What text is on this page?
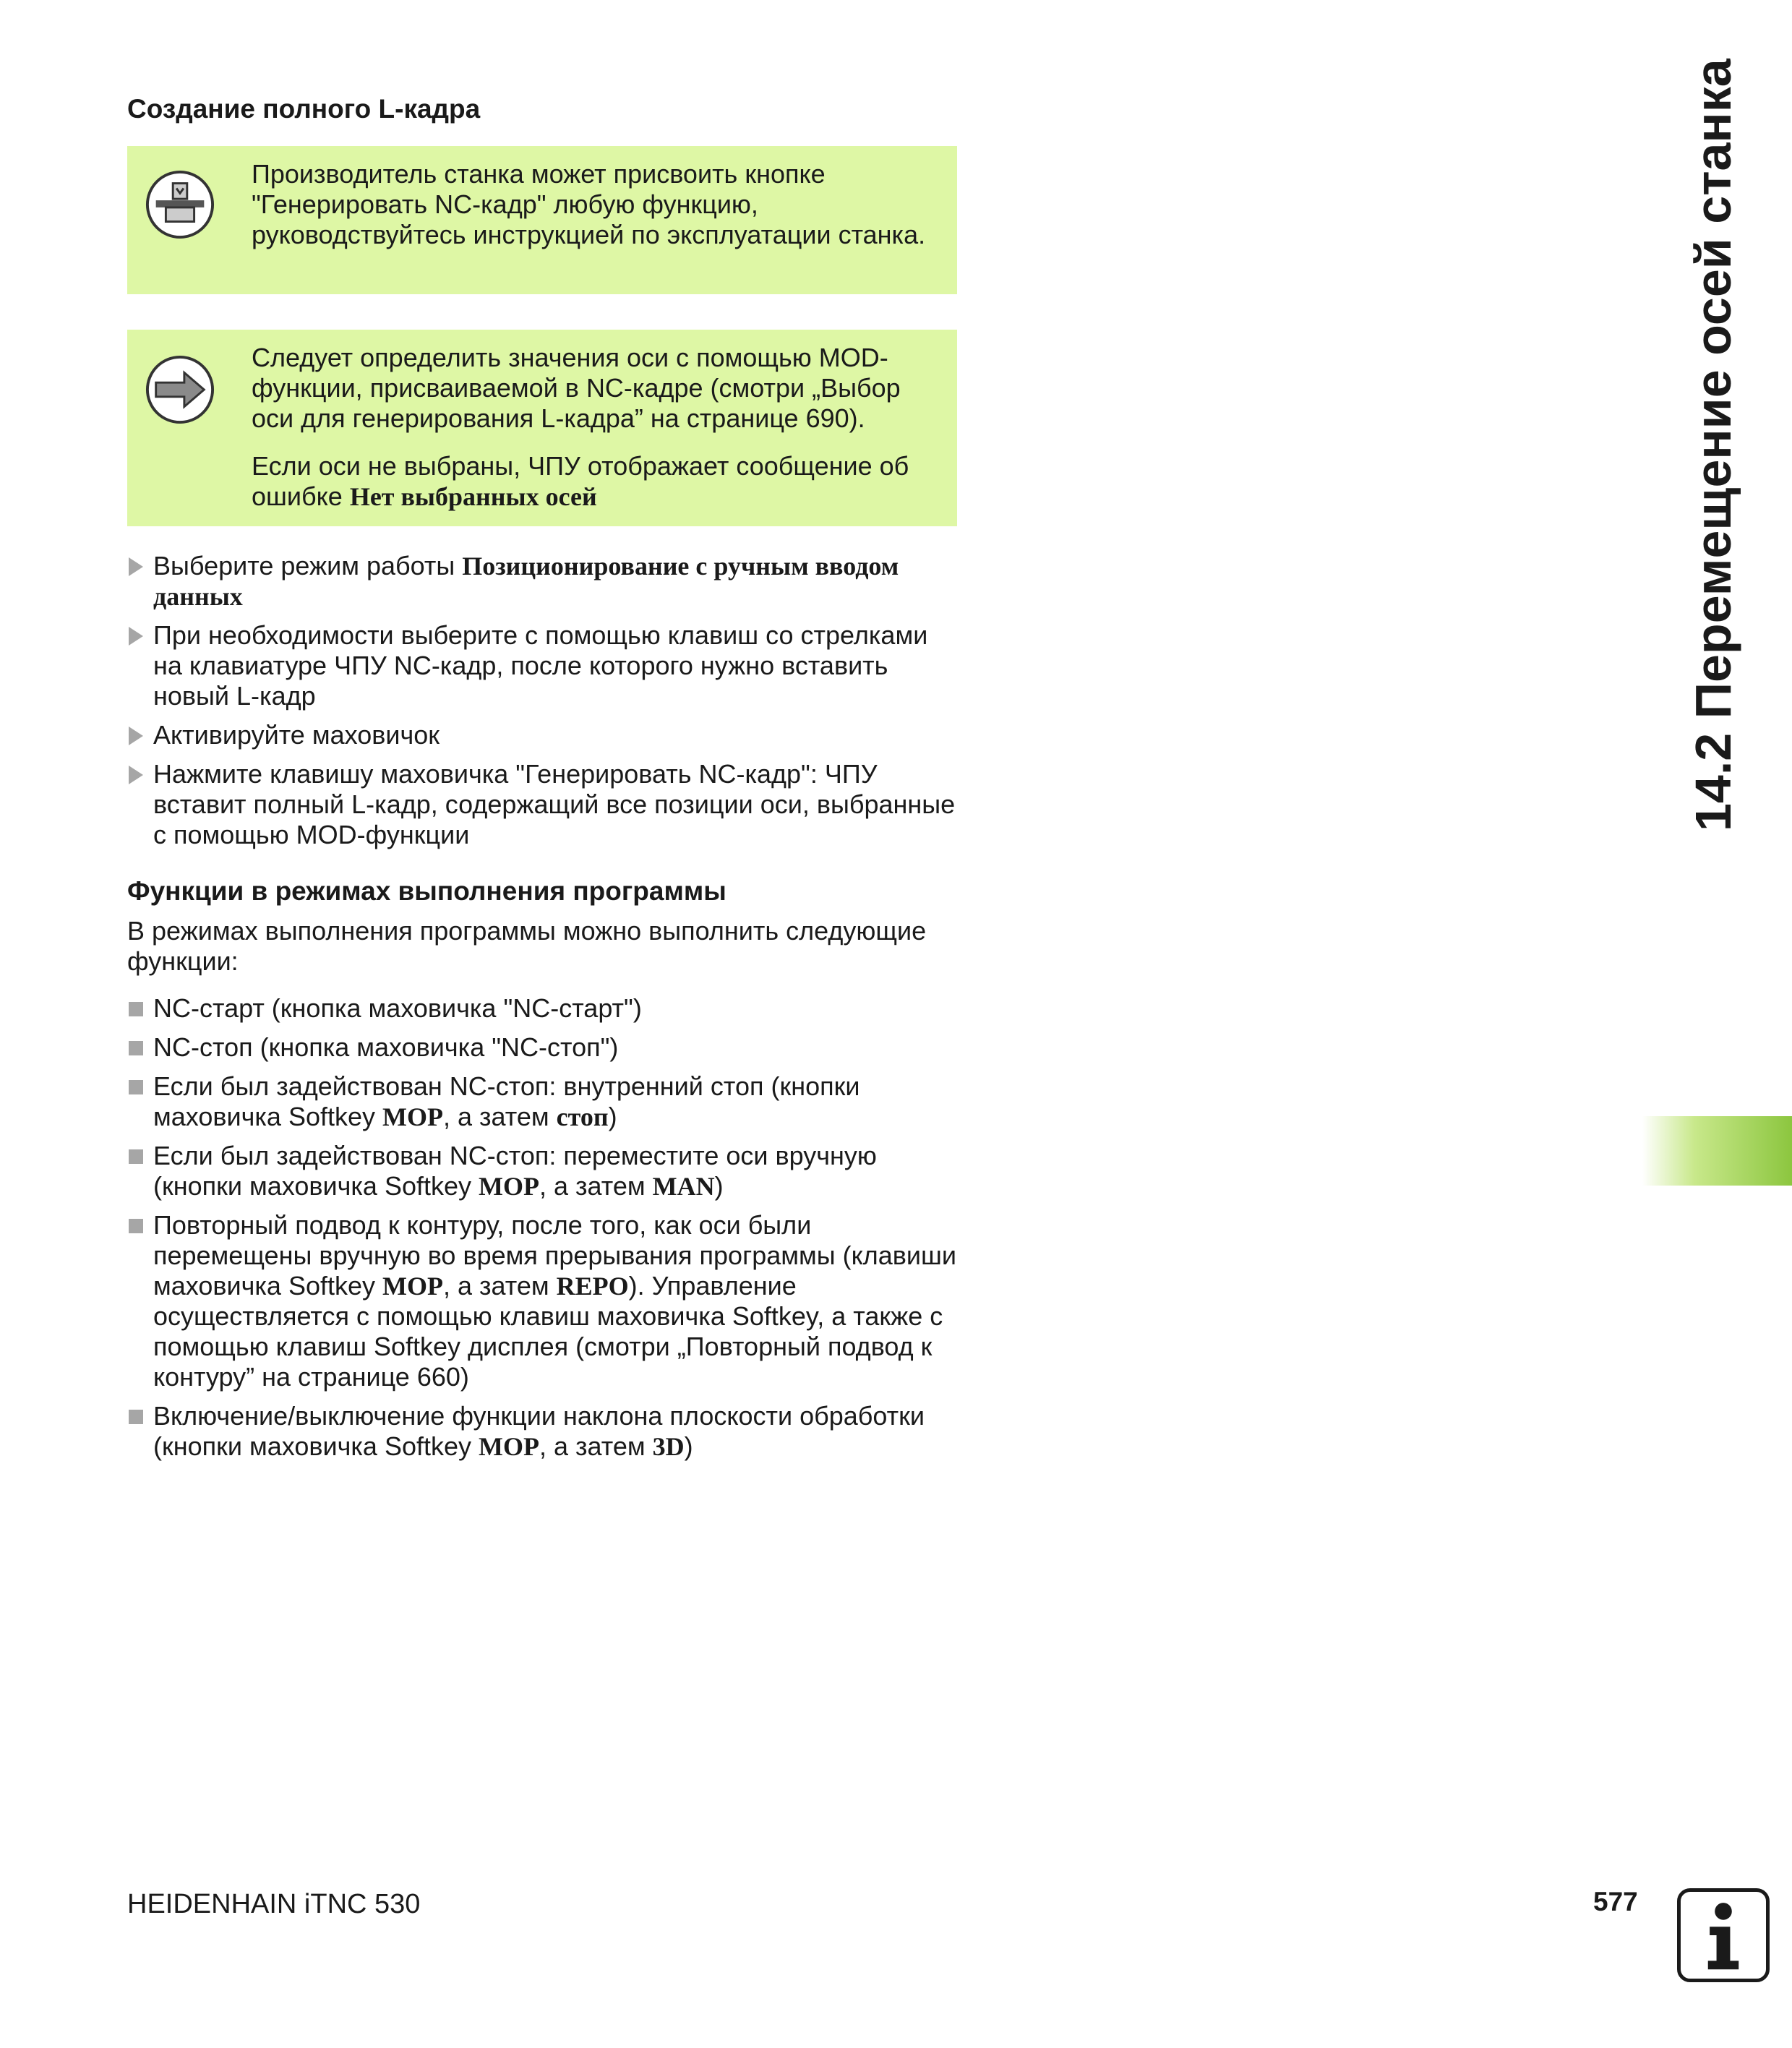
Создание полного L-кадра

Производитель станка может присвоить кнопке "Генерировать NC-кадр" любую функцию, руководствуйтесь инструкцией по эксплуатации станка.

Следует определить значения оси с помощью MOD-функции, присваиваемой в NC-кадре (смотри „Выбор оси для генерирования L-кадра” на странице 690).

Если оси не выбраны, ЧПУ отображает сообщение об ошибке Нет выбранных осей

Выберите режим работы Позиционирование с ручным вводом данных
При необходимости выберите с помощью клавиш со стрелками на клавиатуре ЧПУ NC-кадр, после которого нужно вставить новый L-кадр
Активируйте маховичок
Нажмите клавишу маховичка "Генерировать NC-кадр": ЧПУ вставит полный L-кадр, содержащий все позиции оси, выбранные с помощью MOD-функции
Функции в режимах выполнения программы

В режимах выполнения программы можно выполнить следующие функции:

NC-старт (кнопка маховичка "NC-старт")
NC-стоп (кнопка маховичка "NC-стоп")
Если был задействован NC-стоп: внутренний стоп (кнопки маховичка Softkey MOP, а затем стоп)
Если был задействован NC-стоп: переместите оси вручную (кнопки маховичка Softkey MOP, а затем MAN)
Повторный подвод к контуру, после того, как оси были перемещены вручную во время прерывания программы (клавиши маховичка Softkey MOP, а затем REPO). Управление осуществляется с помощью клавиш маховичка Softkey, а также с помощью клавиш Softkey дисплея (смотри „Повторный подвод к контуру” на странице 660)
Включение/выключение функции наклона плоскости обработки (кнопки маховичка Softkey MOP, а затем 3D)
14.2 Перемещение осей станка
HEIDENHAIN iTNC 530	577
